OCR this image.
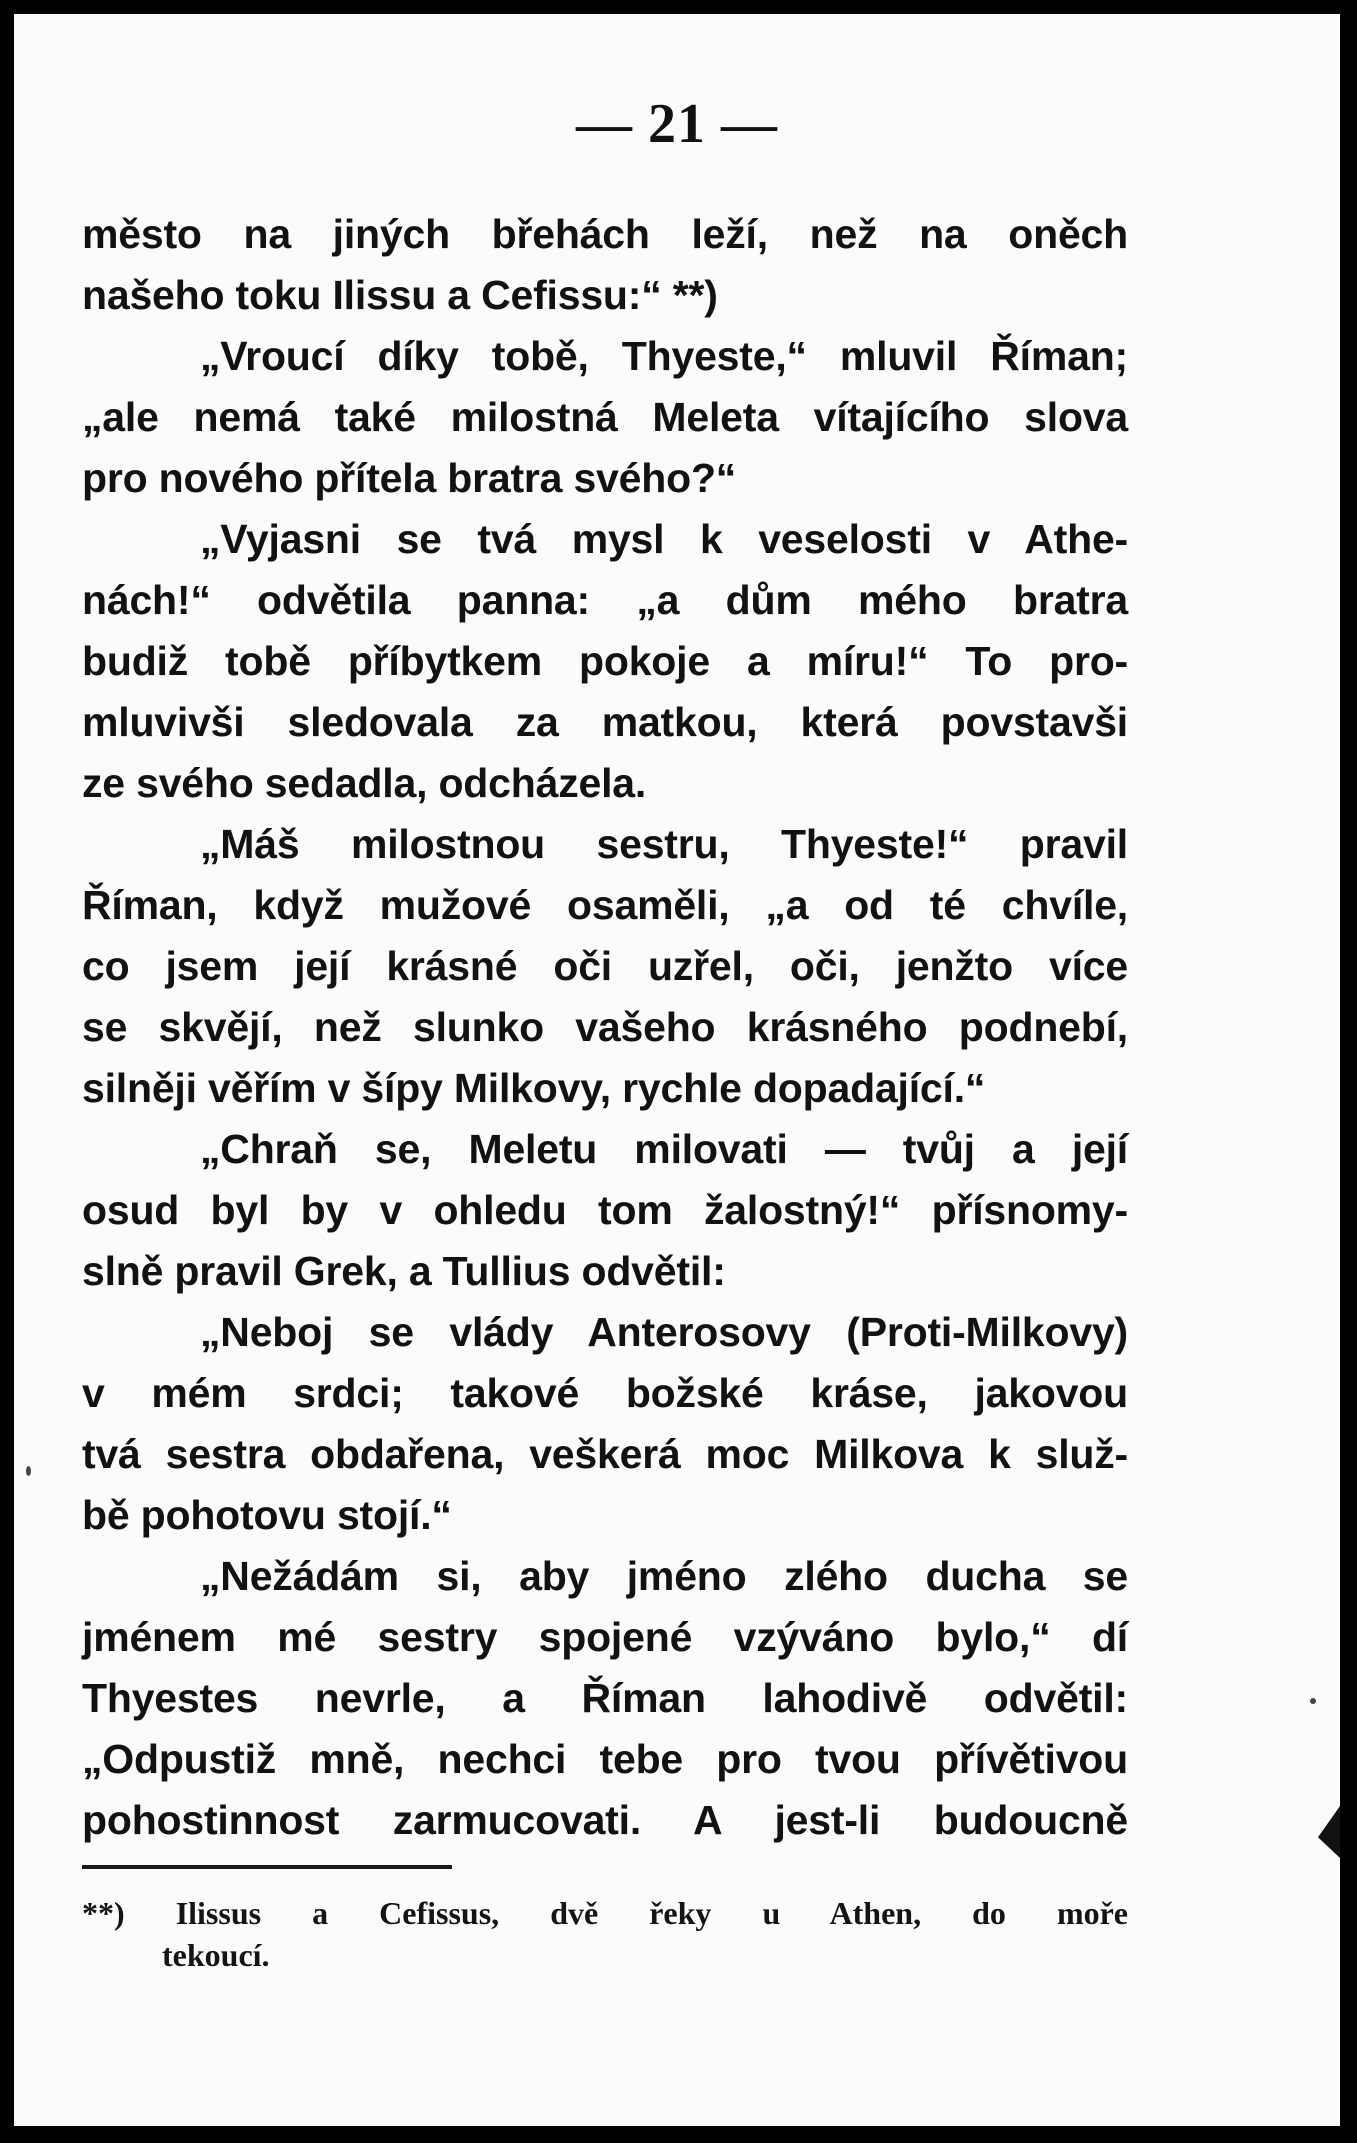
— 21 —
město na jiných břehách leží, než na oněch
našeho toku Ilissu a Cefissu:“ **)
„Vroucí díky tobě, Thyeste,“ mluvil Říman;
„ale nemá také milostná Meleta vítajícího slova
pro nového přítela bratra svého?“
„Vyjasni se tvá mysl k veselosti v Athe-
nách!“ odvětila panna: „a dům mého bratra
budiž tobě příbytkem pokoje a míru!“ To pro-
mluvivši sledovala za matkou, která povstavši
ze svého sedadla, odcházela.
„Máš milostnou sestru, Thyeste!“ pravil
Říman, když mužové osaměli, „a od té chvíle,
co jsem její krásné oči uzřel, oči, jenžto více
se skvějí, než slunko vašeho krásného podnebí,
silněji věřím v šípy Milkovy, rychle dopadající.“
„Chraň se, Meletu milovati — tvůj a její
osud byl by v ohledu tom žalostný!“ přísnomy-
slně pravil Grek, a Tullius odvětil:
„Neboj se vlády Anterosovy (Proti-Milkovy)
v mém srdci; takové božské kráse, jakovou
tvá sestra obdařena, veškerá moc Milkova k služ-
bě pohotovu stojí.“
„Nežádám si, aby jméno zlého ducha se
jménem mé sestry spojené vzýváno bylo,“ dí
Thyestes nevrle, a Říman lahodivě odvětil:
„Odpustiž mně, nechci tebe pro tvou přívětivou
pohostinnost zarmucovati. A jest-li budoucně
**) Ilissus a Cefissus, dvě řeky u Athen, do moře
tekoucí.
